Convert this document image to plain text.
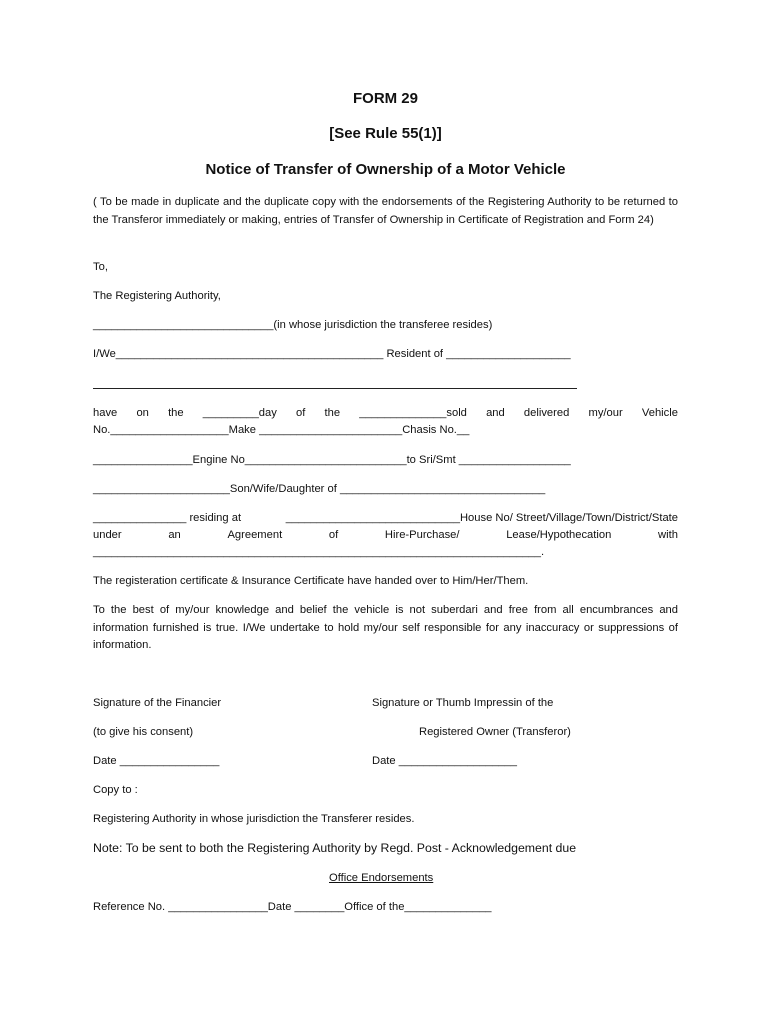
FORM 29
[See Rule 55(1)]
Notice of Transfer of Ownership of a Motor Vehicle
( To be made in duplicate and the duplicate copy with the endorsements of the Registering Authority to be returned to the Transferor immediately or making, entries of Transfer of Ownership in Certificate of Registration and Form 24)
To,
The Registering Authority,
_____________________________(in whose jurisdiction the transferee resides)
I/We___________________________________________ Resident of ____________________
have on the _________day of the ______________sold and delivered my/our Vehicle
No.___________________Make _______________________Chasis No.__
________________Engine No__________________________to Sri/Smt __________________
______________________Son/Wife/Daughter of _________________________________
_______________ residing at	____________________________House No/ Street/Village/Town/District/State
under	an	Agreement	of	Hire-Purchase/	Lease/Hypothecation	with
________________________________________________________________________.
The registeration certificate & Insurance Certificate have handed over to Him/Her/Them.
To the best of my/our knowledge and belief the vehicle is not suberdari and free from all encumbrances and information furnished is true. I/We undertake to hold my/our self responsible for any inaccuracy or suppressions of information.
Signature of the Financier	Signature or Thumb Impressin of the
(to give his consent)	Registered Owner (Transferor)
Date ________________	Date ___________________
Copy to :
Registering Authority in whose jurisdiction the Transferer resides.
Note: To be sent to both the Registering Authority by Regd. Post - Acknowledgement due
Office Endorsements
Reference No. ________________Date ________Office of the______________
